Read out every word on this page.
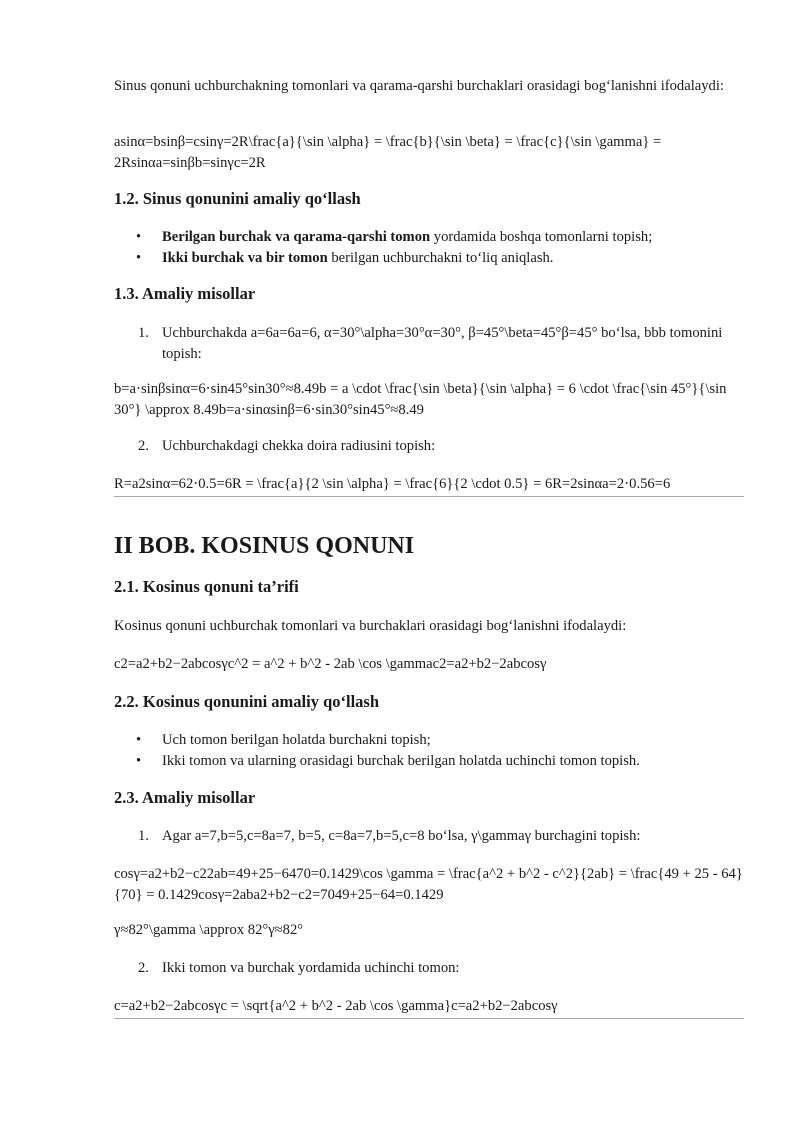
Sinus qonuni uchburchakning tomonlari va qarama-qarshi burchaklari orasidagi bog‘lanishni ifodalaydi:

asinα=bsinβ=csinγ=2R\frac{a}{\sin \alpha} = \frac{b}{\sin \beta} = \frac{c}{\sin \gamma} = 2Rsinαa=sinβb=sinγc=2R

1.2. Sinus qonunini amaliy qo‘llash
• Berilgan burchak va qarama-qarshi tomon yordamida boshqa tomonlarni topish;
• Ikki burchak va bir tomon berilgan uchburchakni to‘liq aniqlash.
1.3. Amaliy misollar
1. Uchburchakda a=6a=6a=6, α=30°\alpha=30°α=30°, β=45°\beta=45°β=45° bo‘lsa, bbb tomonini topish:

b=a⋅sinβsinα=6⋅sin45°sin30°≈8.49b = a \cdot \frac{\sin \beta}{\sin \alpha} = 6 \cdot \frac{\sin 45°}{\sin 30°} \approx 8.49b=a⋅sinαsinβ=6⋅sin30°sin45°≈8.49

2. Uchburchakdagi chekka doira radiusini topish:

R=a2sinα=62⋅0.5=6R = \frac{a}{2 \sin \alpha} = \frac{6}{2 \cdot 0.5} = 6R=2sinαa=2⋅0.56=6

II BOB. KOSINUS QONUNI
2.1. Kosinus qonuni ta’rifi

Kosinus qonuni uchburchak tomonlari va burchaklari orasidagi bog‘lanishni ifodalaydi:

c2=a2+b2−2abcosγc^2 = a^2 + b^2 - 2ab \cos \gammac2=a2+b2−2abcosγ

2.2. Kosinus qonunini amaliy qo‘llash
• Uch tomon berilgan holatda burchakni topish;
• Ikki tomon va ularning orasidagi burchak berilgan holatda uchinchi tomon topish.
2.3. Amaliy misollar
1. Agar a=7,b=5,c=8a=7, b=5, c=8a=7,b=5,c=8 bo‘lsa, γ\gammaγ burchagini topish:

cosγ=a2+b2−c22ab=49+25−6470=0.1429\cos \gamma = \frac{a^2 + b^2 - c^2}{2ab} = \frac{49 + 25 - 64}{70} = 0.1429cosγ=2aba2+b2−c2=7049+25−64=0.1429

γ≈82°\gamma \approx 82°γ≈82°

2. Ikki tomon va burchak yordamida uchinchi tomon:

c=a2+b2−2abcosγc = \sqrt{a^2 + b^2 - 2ab \cos \gamma}c=a2+b2−2abcosγ
